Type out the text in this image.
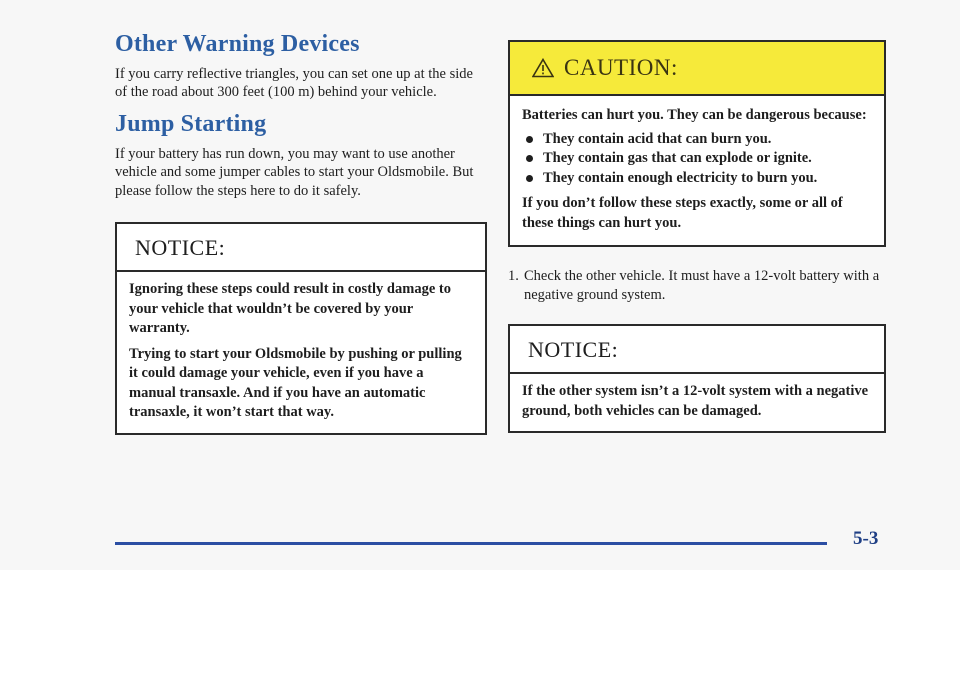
Other Warning Devices

If you carry reflective triangles, you can set one up at the side of the road about 300 feet (100 m) behind your vehicle.

Jump Starting

If your battery has run down, you may want to use another vehicle and some jumper cables to start your Oldsmobile. But please follow the steps here to do it safely.

NOTICE:

Ignoring these steps could result in costly damage to your vehicle that wouldn’t be covered by your warranty.

Trying to start your Oldsmobile by pushing or pulling it could damage your vehicle, even if you have a manual transaxle. And if you have an automatic transaxle, it won’t start that way.

CAUTION:

Batteries can hurt you. They can be dangerous because:

They contain acid that can burn you.
They contain gas that can explode or ignite.
They contain enough electricity to burn you.

If you don’t follow these steps exactly, some or all of these things can hurt you.

1. Check the other vehicle. It must have a 12-volt battery with a negative ground system.

NOTICE:

If the other system isn’t a 12-volt system with a negative ground, both vehicles can be damaged.

5-3
